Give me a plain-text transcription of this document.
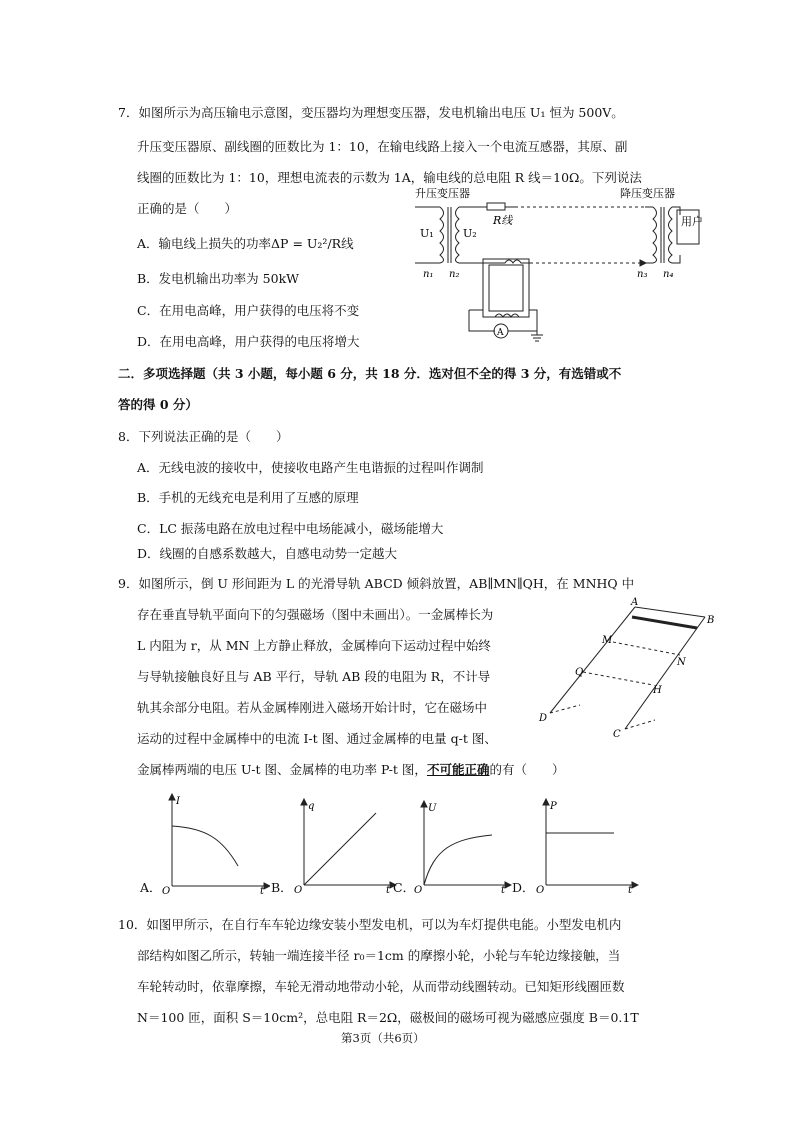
7．如图所示为高压输电示意图，变压器均为理想变压器，发电机输出电压 U₁ 恒为 500V。
升压变压器原、副线圈的匝数比为 1：10，在输电线路上接入一个电流互感器，其原、副
线圈的匝数比为 1：10，理想电流表的示数为 1A，输电线的总电阻 R 线＝10Ω。下列说法
正确的是（　　）
A．输电线上损失的功率ΔP = U₂²/R线
B．发电机输出功率为 50kW
C．在用电高峰，用户获得的电压将不变
D．在用电高峰，用户获得的电压将增大
升压变压器	降压变压器
R线
U₁	U₂
n₁ n₂	n₃ n₄
用户
A
二．多项选择题（共 3 小题，每小题 6 分，共 18 分．选对但不全的得 3 分，有选错或不
答的得 0 分）
8．下列说法正确的是（　　）
A．无线电波的接收中，使接收电路产生电谐振的过程叫作调制
B．手机的无线充电是利用了互感的原理
C．LC 振荡电路在放电过程中电场能减小，磁场能增大
D．线圈的自感系数越大，自感电动势一定越大
9．如图所示，倒 U 形间距为 L 的光滑导轨 ABCD 倾斜放置，AB∥MN∥QH，在 MNHQ 中
存在垂直导轨平面向下的匀强磁场（图中未画出）。一金属棒长为
L 内阻为 r，从 MN 上方静止释放，金属棒向下运动过程中始终
与导轨接触良好且与 AB 平行，导轨 AB 段的电阻为 R，不计导
轨其余部分电阻。若从金属棒刚进入磁场开始计时，它在磁场中
运动的过程中金属棒中的电流 I-t 图、通过金属棒的电量 q-t 图、
金属棒两端的电压 U-t 图、金属棒的电功率 P-t 图，不可能正确的有（　　）
A
B
M
N
Q
H
D
C
A．
I
O	t B．
q
O	t C．
U
O	t D．
P
O	t
10．如图甲所示，在自行车车轮边缘安装小型发电机，可以为车灯提供电能。小型发电机内
部结构如图乙所示，转轴一端连接半径 r₀＝1cm 的摩擦小轮，小轮与车轮边缘接触，当
车轮转动时，依靠摩擦，车轮无滑动地带动小轮，从而带动线圈转动。已知矩形线圈匝数
N＝100 匝，面积 S＝10cm²，总电阻 R＝2Ω，磁极间的磁场可视为磁感应强度 B＝0.1T
第3页（共6页）
